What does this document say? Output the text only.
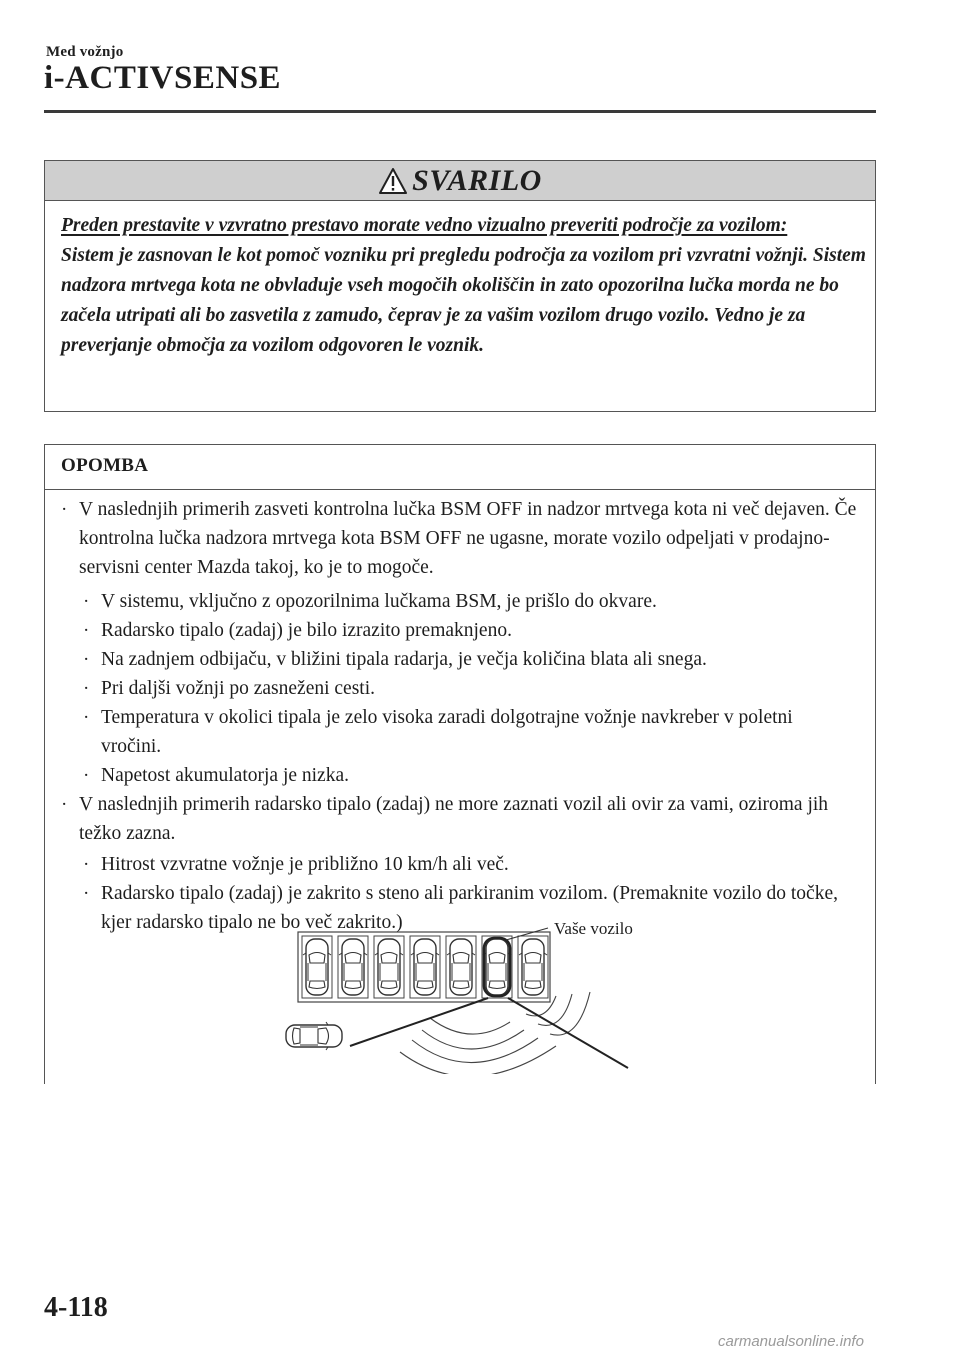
Med vožnjo
i-ACTIVSENSE
SVARILO
Preden prestavite v vzvratno prestavo morate vedno vizualno preveriti področje za vozilom:
Sistem je zasnovan le kot pomoč vozniku pri pregledu področja za vozilom pri vzvratni vožnji. Sistem nadzora mrtvega kota ne obvladuje vseh mogočih okoliščin in zato opozorilna lučka morda ne bo začela utripati ali bo zasvetila z zamudo, čeprav je za vašim vozilom drugo vozilo. Vedno je za preverjanje območja za vozilom odgovoren le voznik.
OPOMBA
· V naslednjih primerih zasveti kontrolna lučka BSM OFF in nadzor mrtvega kota ni več dejaven. Če kontrolna lučka nadzora mrtvega kota BSM OFF ne ugasne, morate vozilo odpeljati v prodajno-servisni center Mazda takoj, ko je to mogoče.
· V sistemu, vključno z opozorilnima lučkama BSM, je prišlo do okvare.
· Radarsko tipalo (zadaj) je bilo izrazito premaknjeno.
· Na zadnjem odbijaču, v bližini tipala radarja, je večja količina blata ali snega.
· Pri daljši vožnji po zasneženi cesti.
· Temperatura v okolici tipala je zelo visoka zaradi dolgotrajne vožnje navkreber v poletni vročini.
· Napetost akumulatorja je nizka.
· V naslednjih primerih radarsko tipalo (zadaj) ne more zaznati vozil ali ovir za vami, oziroma jih težko zazna.
· Hitrost vzvratne vožnje je približno 10 km/h ali več.
· Radarsko tipalo (zadaj) je zakrito s steno ali parkiranim vozilom. (Premaknite vozilo do točke, kjer radarsko tipalo ne bo več zakrito.)	Vaše vozilo
4-118
carmanualsonline.info
